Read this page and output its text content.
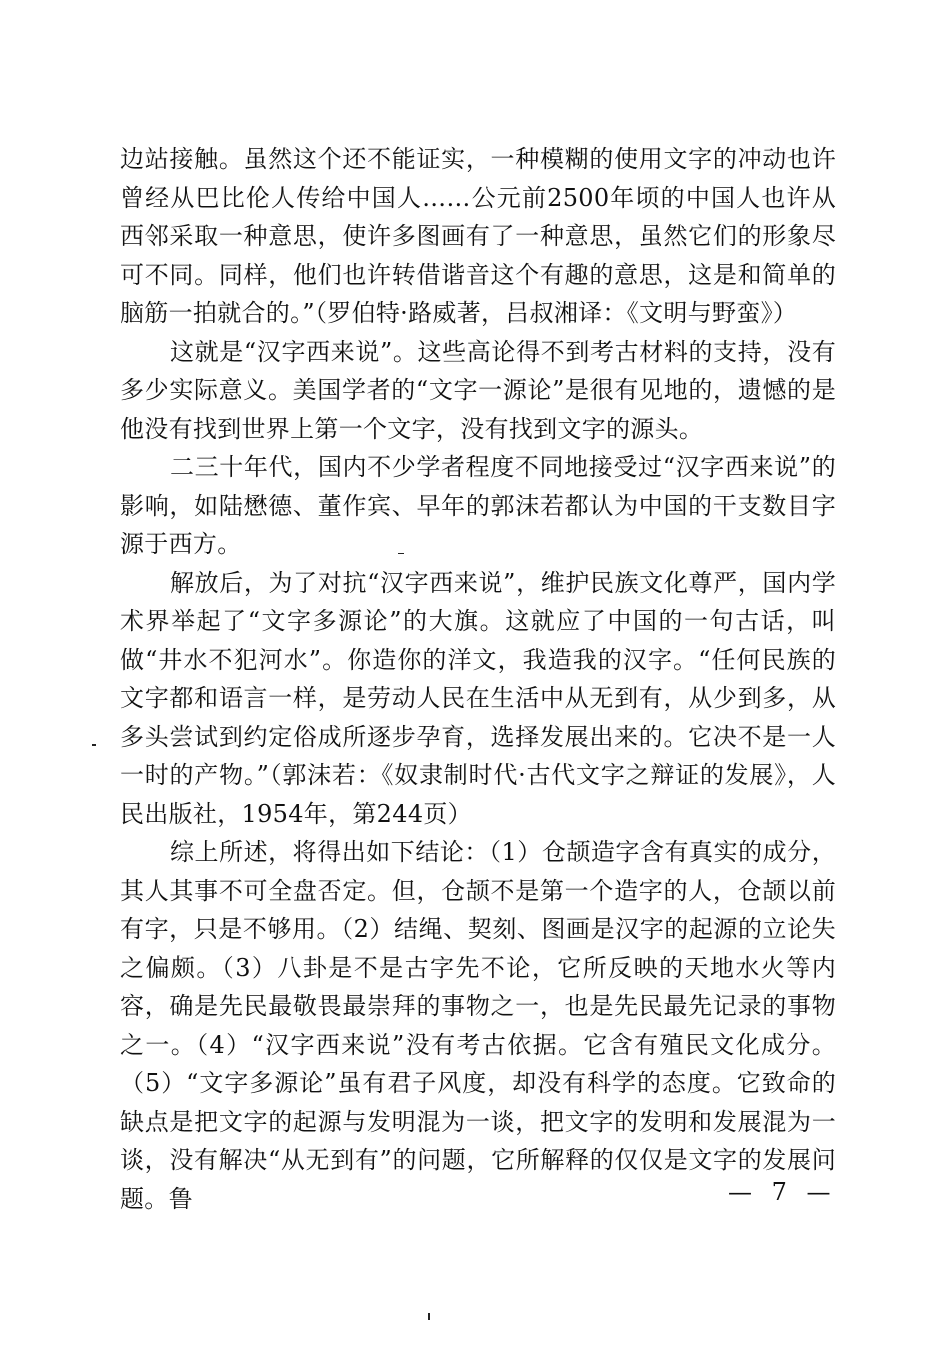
边站接触。虽然这个还不能证实，一种模糊的使用文字的冲动也许曾经从巴比伦人传给中国人……公元前2500年顷的中国人也许从西邻采取一种意思，使许多图画有了一种意思，虽然它们的形象尽可不同。同样，他们也许转借谐音这个有趣的意思，这是和简单的脑筋一拍就合的。”（罗伯特·路威著，吕叔湘译：《文明与野蛮》）

这就是“汉字西来说”。这些高论得不到考古材料的支持，没有多少实际意义。美国学者的“文字一源论”是很有见地的，遗憾的是他没有找到世界上第一个文字，没有找到文字的源头。

二三十年代，国内不少学者程度不同地接受过“汉字西来说”的影响，如陆懋德、董作宾、早年的郭沫若都认为中国的干支数目字源于西方。

解放后，为了对抗“汉字西来说”，维护民族文化尊严，国内学术界举起了“文字多源论”的大旗。这就应了中国的一句古话，叫做“井水不犯河水”。你造你的洋文，我造我的汉字。“任何民族的文字都和语言一样，是劳动人民在生活中从无到有，从少到多，从多头尝试到约定俗成所逐步孕育，选择发展出来的。它决不是一人一时的产物。”（郭沫若：《奴隶制时代·古代文字之辩证的发展》，人民出版社，1954年，第244页）

综上所述，将得出如下结论：（1）仓颉造字含有真实的成分，其人其事不可全盘否定。但，仓颉不是第一个造字的人，仓颉以前有字，只是不够用。（2）结绳、契刻、图画是汉字的起源的立论失之偏颇。（3）八卦是不是古字先不论，它所反映的天地水火等内容，确是先民最敬畏最崇拜的事物之一，也是先民最先记录的事物之一。（4）“汉字西来说”没有考古依据。它含有殖民文化成分。（5）“文字多源论”虽有君子风度，却没有科学的态度。它致命的缺点是把文字的起源与发明混为一谈，把文字的发明和发展混为一谈，没有解决“从无到有”的问题，它所解释的仅仅是文字的发展问题。鲁	— 7 —
